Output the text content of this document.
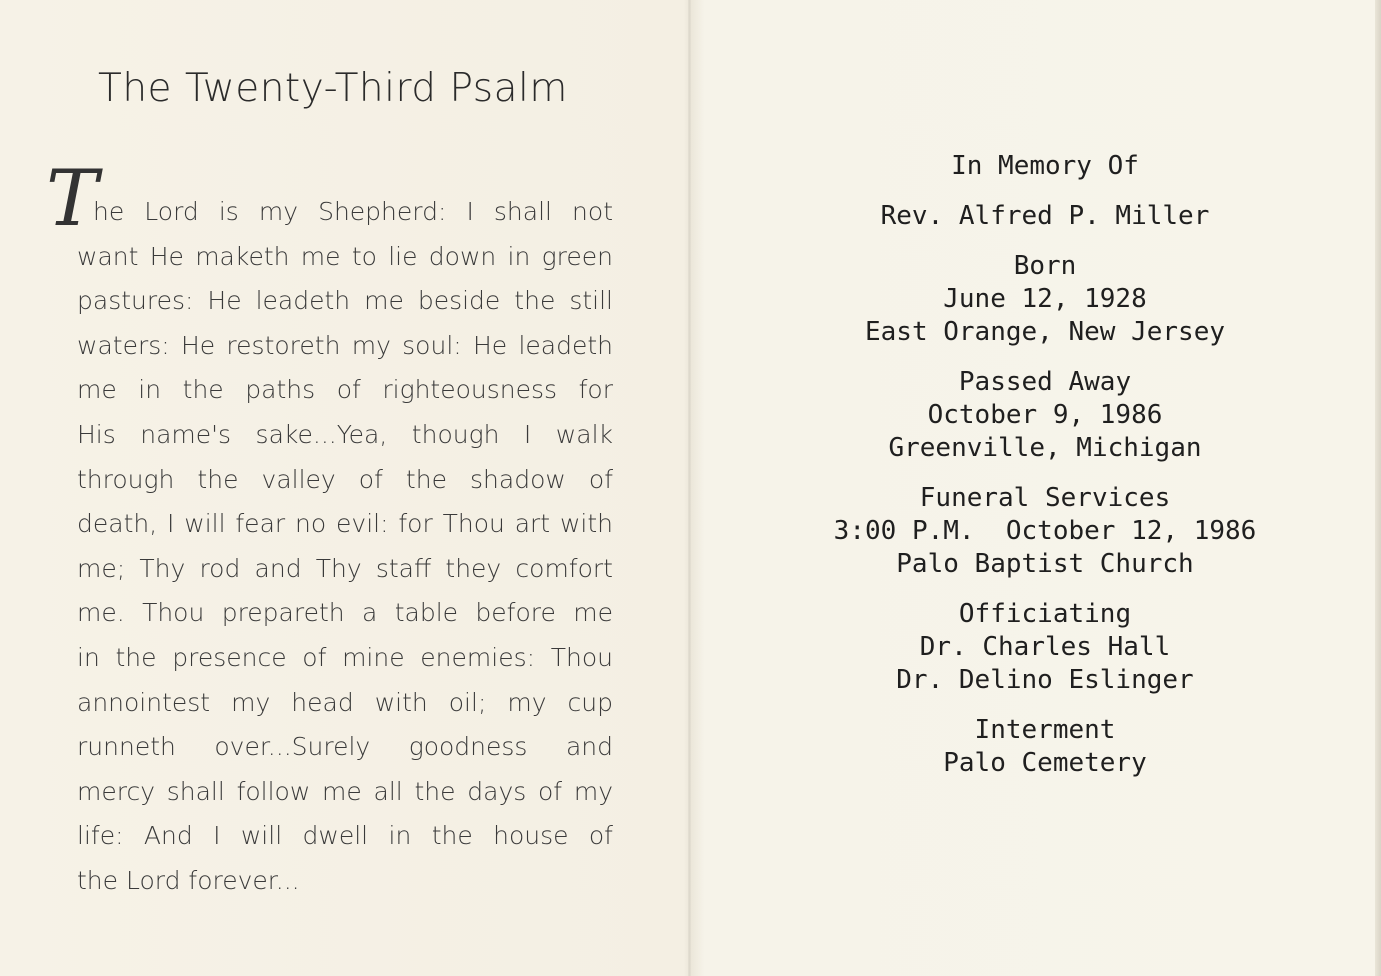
The Twenty-Third Psalm
T
he Lord is my Shepherd: I shall not
want He maketh me to lie down in green
pastures: He leadeth me beside the still
waters: He restoreth my soul: He leadeth
me in the paths of righteousness for
His name's sake...Yea, though I walk
through the valley of the shadow of
death, I will fear no evil: for Thou art with
me; Thy rod and Thy staff they comfort
me. Thou prepareth a table before me
in the presence of mine enemies: Thou
annointest my head with oil; my cup
runneth over...Surely goodness and
mercy shall follow me all the days of my
life: And I will dwell in the house of
the Lord forever...
In Memory Of
Rev. Alfred P. Miller
Born
June 12, 1928
East Orange, New Jersey
Passed Away
October 9, 1986
Greenville, Michigan
Funeral Services
3:00 P.M.  October 12, 1986
Palo Baptist Church
Officiating
Dr. Charles Hall
Dr. Delino Eslinger
Interment
Palo Cemetery
